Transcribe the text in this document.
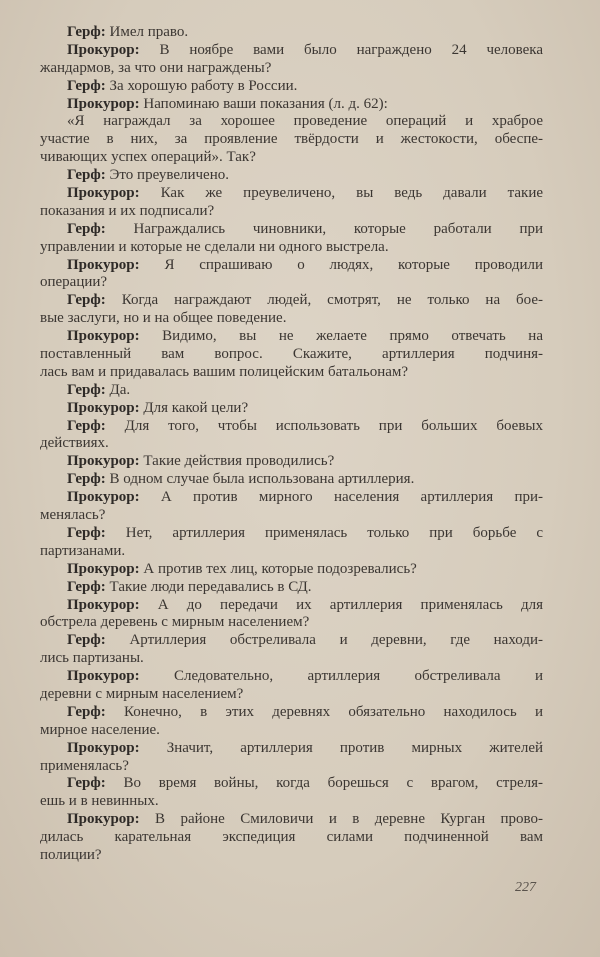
Герф: Имел право.
Прокурор: В ноябре вами было награждено 24 человека
жандармов, за что они награждены?
Герф: За хорошую работу в России.
Прокурор: Напоминаю ваши показания (л. д. 62):
«Я награждал за хорошее проведение операций и храброе
участие в них, за проявление твёрдости и жестокости, обеспе-
чивающих успех операций». Так?
Герф: Это преувеличено.
Прокурор: Как же преувеличено, вы ведь давали такие
показания и их подписали?
Герф: Награждались чиновники, которые работали при
управлении и которые не сделали ни одного выстрела.
Прокурор: Я спрашиваю о людях, которые проводили
операции?
Герф: Когда награждают людей, смотрят, не только на бое-
вые заслуги, но и на общее поведение.
Прокурор: Видимо, вы не желаете прямо отвечать на
поставленный вам вопрос. Скажите, артиллерия подчиня-
лась вам и придавалась вашим полицейским батальонам?
Герф: Да.
Прокурор: Для какой цели?
Герф: Для того, чтобы использовать при больших боевых
действиях.
Прокурор: Такие действия проводились?
Герф: В одном случае была использована артиллерия.
Прокурор: А против мирного населения артиллерия при-
менялась?
Герф: Нет, артиллерия применялась только при борьбе с
партизанами.
Прокурор: А против тех лиц, которые подозревались?
Герф: Такие люди передавались в СД.
Прокурор: А до передачи их артиллерия применялась для
обстрела деревень с мирным населением?
Герф: Артиллерия обстреливала и деревни, где находи-
лись партизаны.
Прокурор: Следовательно, артиллерия обстреливала и
деревни с мирным населением?
Герф: Конечно, в этих деревнях обязательно находилось и
мирное население.
Прокурор: Значит, артиллерия против мирных жителей
применялась?
Герф: Во время войны, когда борешься с врагом, стреля-
ешь и в невинных.
Прокурор: В районе Смиловичи и в деревне Курган прово-
дилась карательная экспедиция силами подчиненной вам
полиции?
227
